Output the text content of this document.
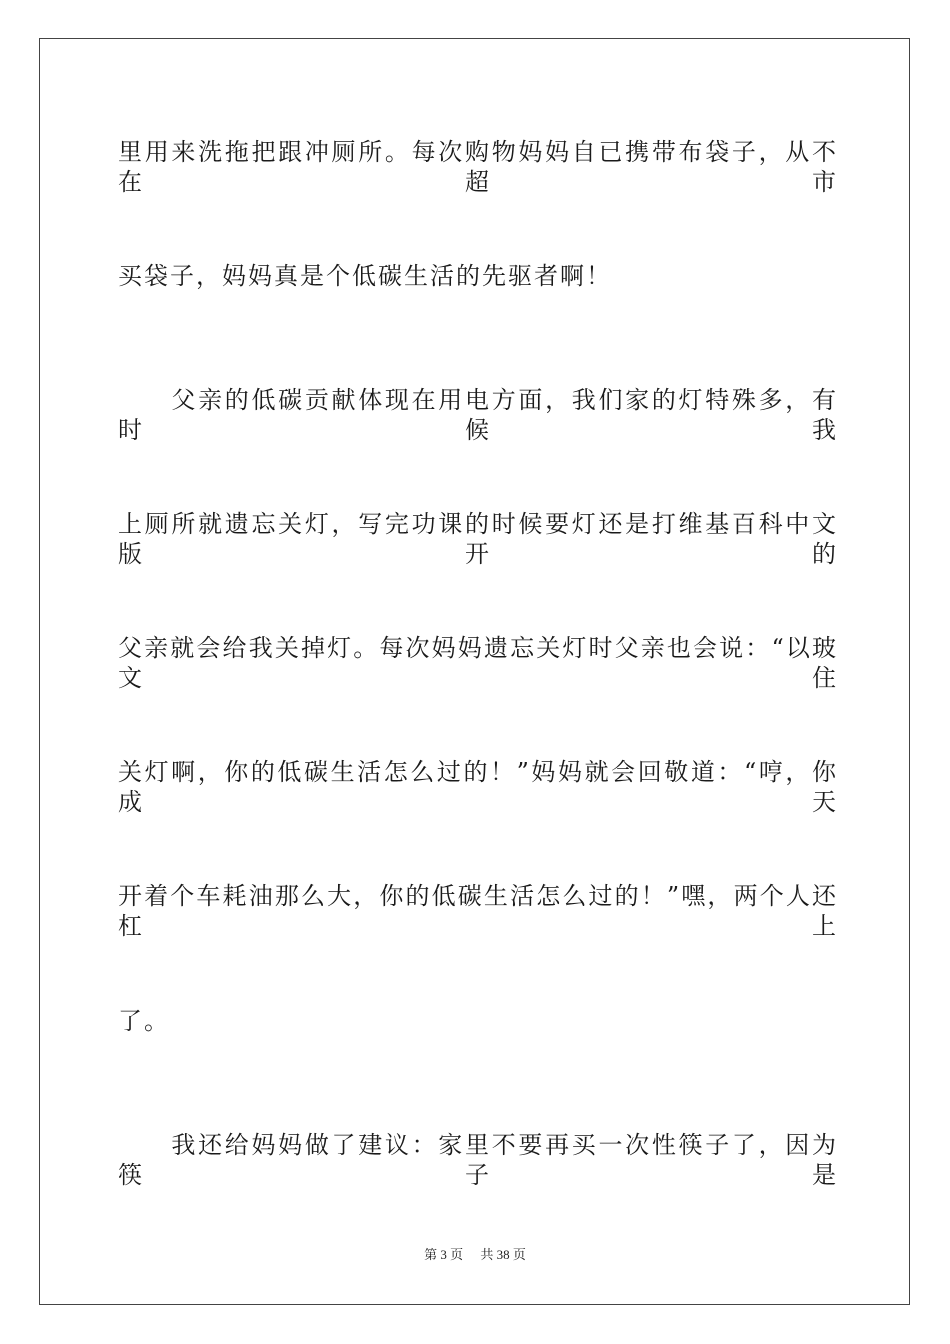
里用来洗拖把跟冲厕所。每次购物妈妈自已携带布袋子，从不在超市
买袋子，妈妈真是个低碳生活的先驱者啊！
　　父亲的低碳贡献体现在用电方面，我们家的灯特殊多，有时候我
上厕所就遗忘关灯，写完功课的时候要灯还是打维基百科中文版开的
父亲就会给我关掉灯。每次妈妈遗忘关灯时父亲也会说：“以玻文住
关灯啊，你的低碳生活怎么过的！”妈妈就会回敬道：“哼，你成天
开着个车耗油那么大，你的低碳生活怎么过的！”嘿，两个人还杠上
了。
　　我还给妈妈做了建议：家里不要再买一次性筷子了，因为筷子是
第 3 页 共 38 页
